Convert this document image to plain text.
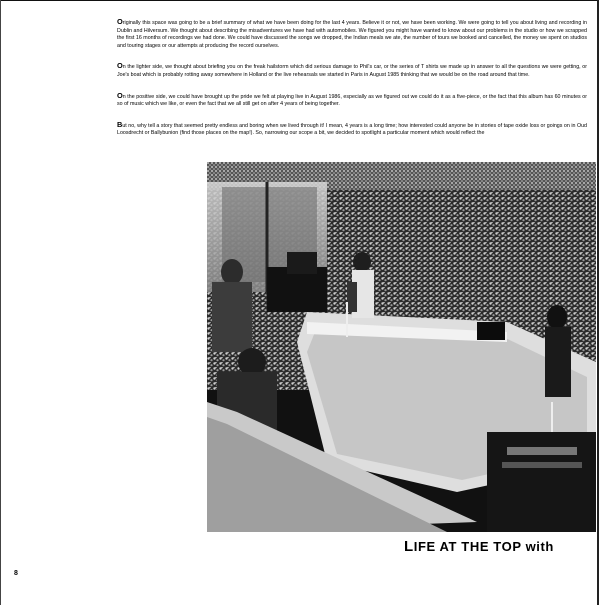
Originally this space was going to be a brief summary of what we have been doing for the last 4 years. Believe it or not, we have been working. We were going to tell you about living and recording in Dublin and Hilversum. We thought about describing the misadventures we have had with automobiles. We figured you might have wanted to know about our problems in the studio or how we scrapped the first 16 months of recordings we had done. We could have discussed the songs we dropped, the Indian meals we ate, the number of tours we booked and cancelled, the money we spent on studios and touring stages or our attempts at producing the record ourselves.

On the lighter side, we thought about briefing you on the freak hailstorm which did serious damage to Phil's car, or the series of T shirts we made up in answer to all the questions we were getting, or Joe's boat which is probably rotting away somewhere in Holland or the live rehearsals we started in Paris in August 1985 thinking that we would be on the road around that time.

On the positive side, we could have brought up the pride we felt at playing live in August 1986, especially as we figured out we could do it as a five-piece, or the fact that this album has 60 minutes or so of music which we like, or even the fact that we all still get on after 4 years of being together.

But no, why tell a story that seemed pretty endless and boring when we lived through it! I mean, 4 years is a long time; how interested could anyone be in stories of tape oxide loss or goings on in Oud Loosdrecht or Ballybunion (find those places on the map!). So, narrowing our scope a bit, we decided to spotlight a particular moment which would reflect the

LIFE AT THE TOP with
8
